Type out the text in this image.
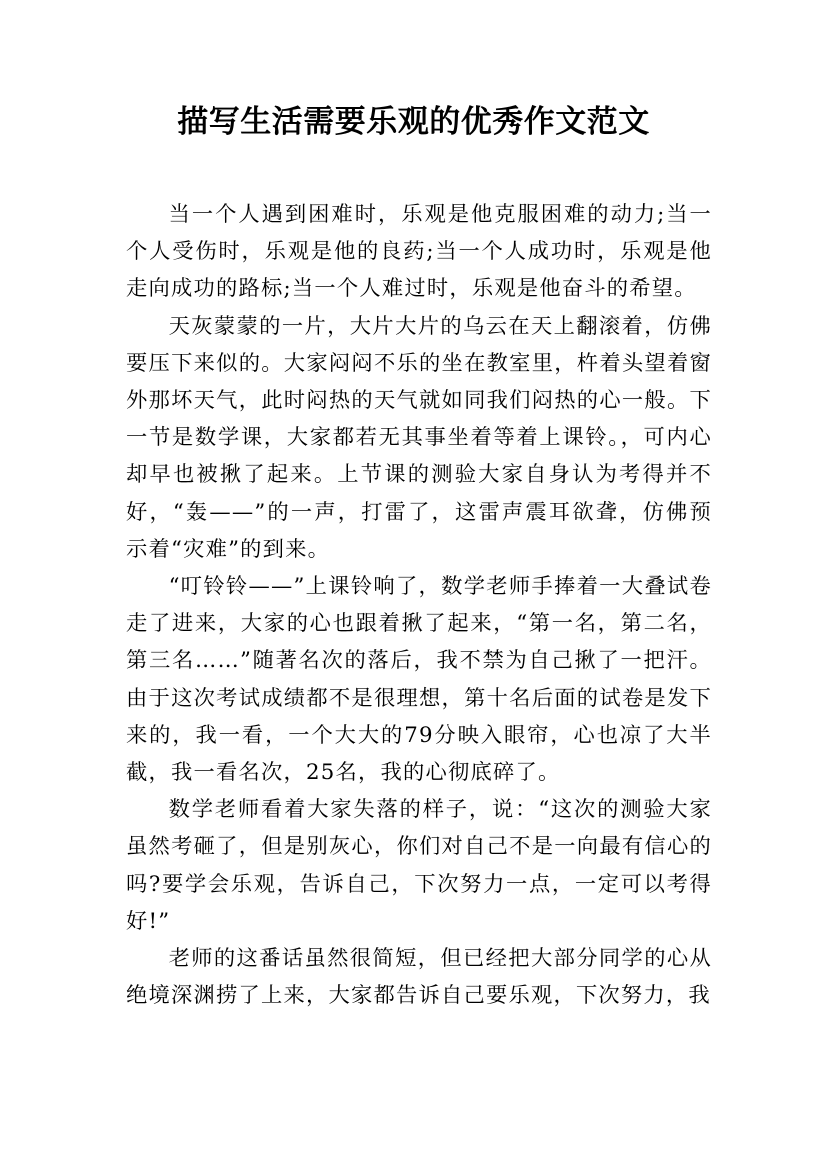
描写生活需要乐观的优秀作文范文

当一个人遇到困难时，乐观是他克服困难的动力;当一个人受伤时，乐观是他的良药;当一个人成功时，乐观是他走向成功的路标;当一个人难过时，乐观是他奋斗的希望。

天灰蒙蒙的一片，大片大片的乌云在天上翻滚着，仿佛要压下来似的。大家闷闷不乐的坐在教室里，杵着头望着窗外那坏天气，此时闷热的天气就如同我们闷热的心一般。下一节是数学课，大家都若无其事坐着等着上课铃。，可内心却早也被揪了起来。上节课的测验大家自身认为考得并不好，“轰——”的一声，打雷了，这雷声震耳欲聋，仿佛预示着“灾难”的到来。

“叮铃铃——”上课铃响了，数学老师手捧着一大叠试卷走了进来，大家的心也跟着揪了起来，“第一名，第二名，第三名……”随著名次的落后，我不禁为自己揪了一把汗。由于这次考试成绩都不是很理想，第十名后面的试卷是发下来的，我一看，一个大大的79分映入眼帘，心也凉了大半截，我一看名次，25名，我的心彻底碎了。

数学老师看着大家失落的样子，说：“这次的测验大家虽然考砸了，但是别灰心，你们对自己不是一向最有信心的吗?要学会乐观，告诉自己，下次努力一点，一定可以考得好!”

老师的这番话虽然很简短，但已经把大部分同学的心从绝境深渊捞了上来，大家都告诉自己要乐观，下次努力，我
